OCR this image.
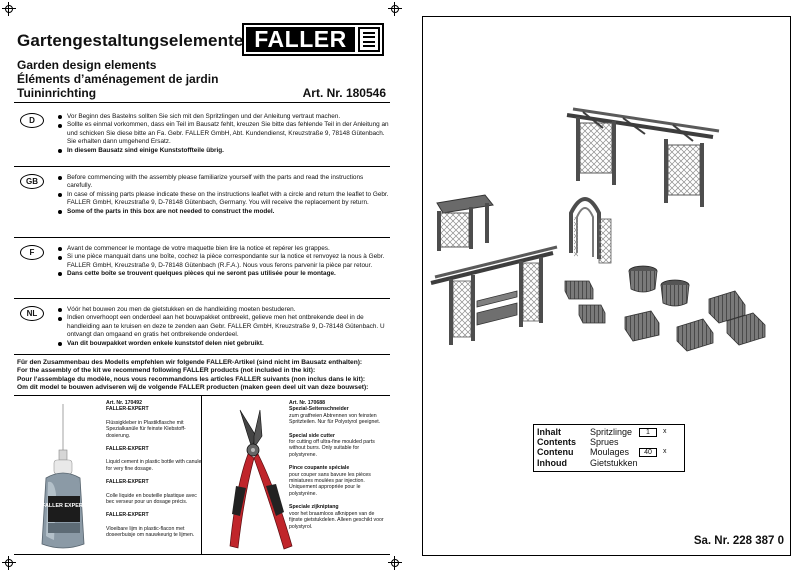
Gartengestaltungselemente FALLER
Garden design elements
Éléments d’aménagement de jardin
Tuininrichting	Art. Nr. 180546
D	Vor Beginn des Bastelns sollten Sie sich mit den Spritzlingen und der Anleitung vertraut machen.
Sollte es einmal vorkommen, dass ein Teil im Bausatz fehlt, kreuzen Sie bitte das fehlende Teil in der Anleitung an und schicken Sie diese bitte an Fa. Gebr. FALLER GmbH, Abt. Kundendienst, Kreuzstraße 9, 78148 Gütenbach. Sie erhalten dann umgehend Ersatz.
In diesem Bausatz sind einige Kunststoffteile übrig.
GB	Before commencing with the assembly please familiarize yourself with the parts and read the instructions carefully.
In case of missing parts please indicate these on the instructions leaflet with a circle and return the leaflet to Gebr. FALLER GmbH, Kreuzstraße 9, D-78148 Gütenbach, Germany. You will receive the replacement by return.
Some of the parts in this box are not needed to construct the model.
F	Avant de commencer le montage de votre maquette bien lire la notice et repérer les grappes.
Si une pièce manquait dans une boîte, cochez la pièce correspondante sur la notice et renvoyez la nous à Gebr. FALLER GmbH, Kreuzstraße 9, D-78148 Gütenbach (R.F.A.). Nous vous ferons parvenir la pièce par retour.
Dans cette boîte se trouvent quelques pièces qui ne seront pas utilisée pour le montage.
NL	Vóór het bouwen zou men de gietstukken en de handleiding moeten bestuderen.
Indien onverhoopt een onderdeel aan het bouwpakket ontbreekt, gelieve men het ontbrekende deel in de handleiding aan te kruisen en deze te zenden aan Gebr. FALLER GmbH, Kreuzstraße 9, D-78148 Gütenbach. U ontvangt dan omgaand en gratis het ontbrekende onderdeel.
Van dit bouwpakket worden enkele kunststof delen niet gebruikt.
Für den Zusammenbau des Modells empfehlen wir folgende FALLER-Artikel (sind nicht im Bausatz enthalten):
For the assembly of the kit we recommend following FALLER products (not included in the kit):
Pour l’assemblage du modèle, nous vous recommandons les articles FALLER suivants (non inclus dans le kit):
Om dit model te bouwen adviseren wij de volgende FALLER producten (maken geen deel uit van deze bouwset):
FALLER EXPERT
Art. Nr. 170492
FALLER-EXPERT
Flüssigkleber in Plastikflasche mit Spezialkanüle für feinste Klebstoff-dosierung.
FALLER-EXPERT
Liquid cement in plastic bottle with canule for very fine dosage.
FALLER-EXPERT
Colle liquide en bouteille plastique avec bec verseur pour un dosage précis.
FALLER-EXPERT
Vloeibare lijm in plastic-flacon met doseerbuisje om nauwkeurig te lijmen.
Art. Nr. 170688
Spezial-Seitenschneider
zum gratfreien Abtrennen von feinsten Spritzteilen. Nur für Polystyrol geeignet.
Special side cutter
for cutting off ultra-fine moulded parts without burrs. Only suitable for polystyrene.
Pince coupante spéciale
pour couper sans bavure les pièces miniatures moulées par injection. Uniquement appropriée pour le polystyrène.
Speciale zijkniptang
voor het braamloos afknippen van de fijnste gietstukdelen. Alleen geschikt voor polystyrol.
Inhalt	Spritzlinge	1	x
Contents	Sprues
Contenu	Moulages	40	x
Inhoud	Gietstukken
Sa. Nr. 228 387 0
